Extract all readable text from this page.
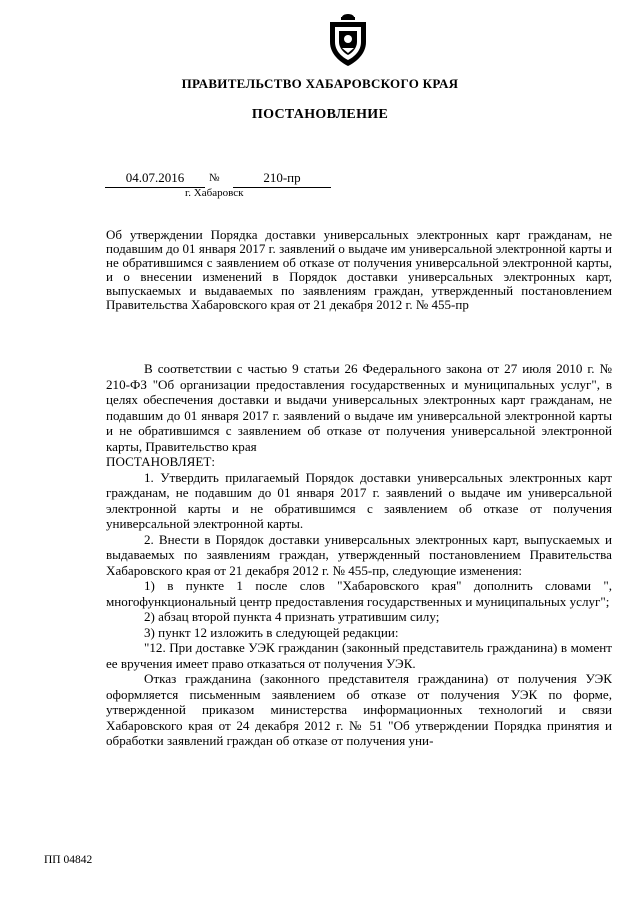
ПРАВИТЕЛЬСТВО ХАБАРОВСКОГО КРАЯ
ПОСТАНОВЛЕНИЕ
04.07.2016	№	210-пр
г. Хабаровск
Об утверждении Порядка доставки универсальных электронных карт гражданам, не подавшим до 01 января 2017 г. заявлений о выдаче им универсальной электронной карты и не обратившимся с заявлением об отказе от получения универсальной электронной карты, и о внесении изменений в Порядок доставки универсальных электронных карт, выпускаемых и выдаваемых по заявлениям граждан, утвержденный постановлением Правительства Хабаровского края от 21 декабря 2012 г. № 455-пр

В соответствии с частью 9 статьи 26 Федерального закона от 27 июля 2010 г. № 210-ФЗ "Об организации предоставления государственных и муниципальных услуг", в целях обеспечения доставки и выдачи универсальных электронных карт гражданам, не подавшим до 01 января 2017 г. заявлений о выдаче им универсальной электронной карты и не обратившимся с заявлением об отказе от получения универсальной электронной карты, Правительство края

ПОСТАНОВЛЯЕТ:

1. Утвердить прилагаемый Порядок доставки универсальных электронных карт гражданам, не подавшим до 01 января 2017 г. заявлений о выдаче им универсальной электронной карты и не обратившимся с заявлением об отказе от получения универсальной электронной карты.

2. Внести в Порядок доставки универсальных электронных карт, выпускаемых и выдаваемых по заявлениям граждан, утвержденный постановлением Правительства Хабаровского края от 21 декабря 2012 г. № 455-пр, следующие изменения:

1) в пункте 1 после слов "Хабаровского края" дополнить словами ", многофункциональный центр предоставления государственных и муниципальных услуг";

2) абзац второй пункта 4 признать утратившим силу;

3) пункт 12 изложить в следующей редакции:

"12. При доставке УЭК гражданин (законный представитель гражданина) в момент ее вручения имеет право отказаться от получения УЭК.

Отказ гражданина (законного представителя гражданина) от получения УЭК оформляется письменным заявлением об отказе от получения УЭК по форме, утвержденной приказом министерства информационных технологий и связи Хабаровского края от 24 декабря 2012 г. № 51 "Об утверждении Порядка принятия и обработки заявлений граждан об отказе от получения уни-

ПП 04842
